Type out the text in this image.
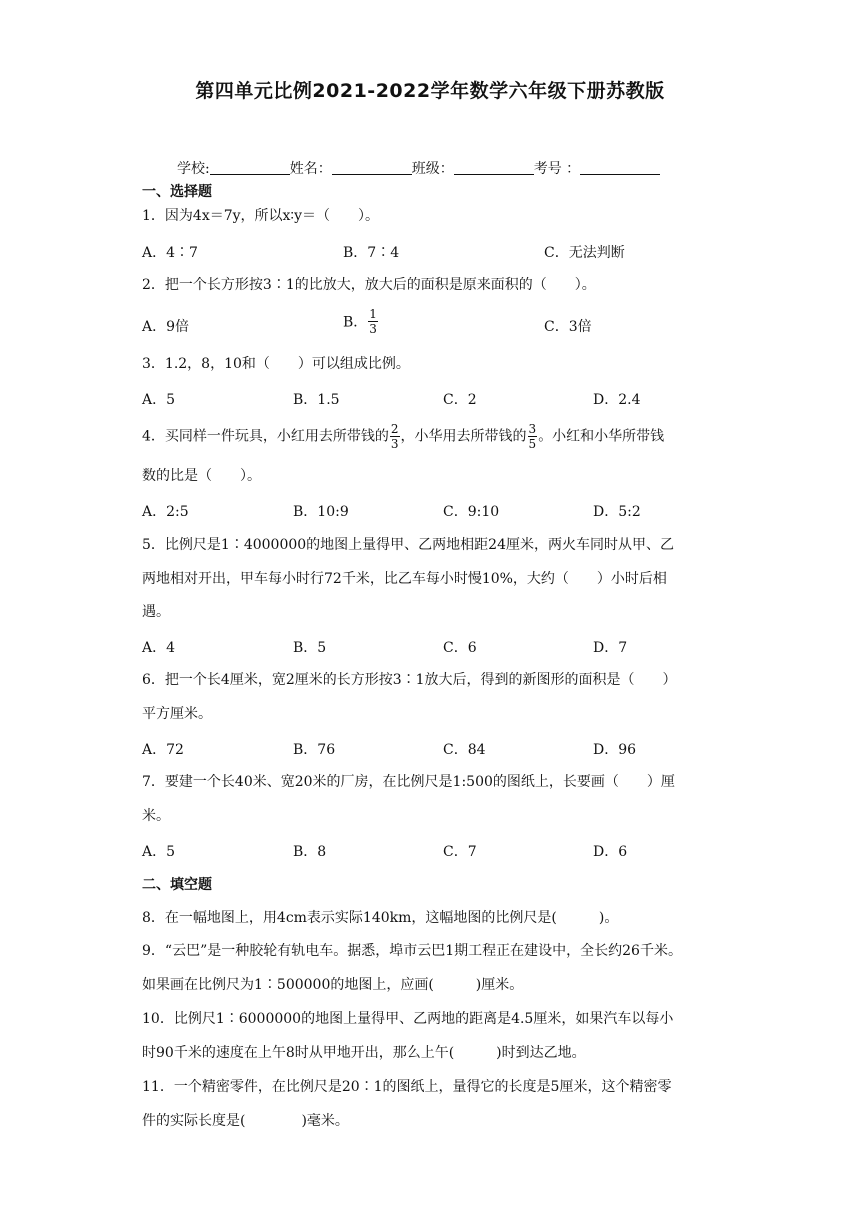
第四单元比例2021-2022学年数学六年级下册苏教版
学校:	姓名：	班级：	考号 ：
一、选择题
1．因为4x＝7y，所以x∶y＝（　　）。
A．4∶7	B．7∶4	C．无法判断
2．把一个长方形按3∶1的比放大，放大后的面积是原来面积的（　　）。
A．9倍	B． $\frac{1}{3}$	C．3倍
3．1.2，8，10和（　　）可以组成比例。
A．5	B．1.5	C．2	D．2.4
4．买同样一件玩具，小红用去所带钱的 $\frac{2}{3}$ ，小华用去所带钱的 $\frac{3}{5}$ 。小红和小华所带钱
数的比是（　　）。
A．2:5	B．10:9	C．9:10	D．5:2
5．比例尺是1∶4000000的地图上量得甲、乙两地相距24厘米，两火车同时从甲、乙
两地相对开出，甲车每小时行72千米，比乙车每小时慢10%，大约（　　）小时后相
遇。
A．4	B．5	C．6	D．7
6．把一个长4厘米，宽2厘米的长方形按3∶1放大后，得到的新图形的面积是（　　）
平方厘米。
A．72	B．76	C．84	D．96
7．要建一个长40米、宽20米的厂房，在比例尺是1:500的图纸上，长要画（　　）厘
米。
A．5	B．8	C．7	D．6
二、填空题
8．在一幅地图上，用4cm表示实际140km，这幅地图的比例尺是(　　　)。
9．“云巴”是一种胶轮有轨电车。据悉，埠市云巴1期工程正在建设中，全长约26千米。
如果画在比例尺为1∶500000的地图上，应画(　　　)厘米。
10．比例尺1∶6000000的地图上量得甲、乙两地的距离是4.5厘米，如果汽车以每小
时90千米的速度在上午8时从甲地开出，那么上午(　　　)时到达乙地。
11．一个精密零件，在比例尺是20∶1的图纸上，量得它的长度是5厘米，这个精密零
件的实际长度是(　　　　)毫米。
